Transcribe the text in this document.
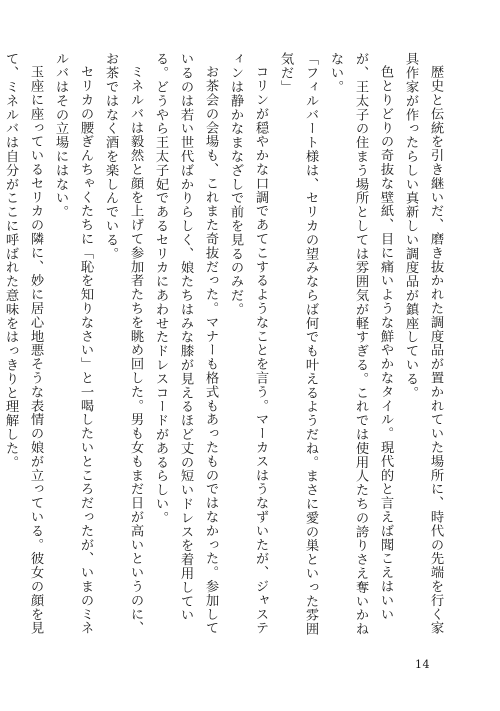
歴史と伝統を引き継いだ、磨き抜かれた調度品が置かれていた場所に、時代の先端を行く家具作家が作ったらしい真新しい調度品が鎮座している。

色とりどりの奇抜な壁紙、目に痛いような鮮やかなタイル。現代的と言えば聞こえはいいが、王太子の住まう場所としては雰囲気が軽すぎる。これでは使用人たちの誇りさえ奪いかねない。

「フィルバート様は、セリカの望みならば何でも叶えるようだね。まさに愛の巣といった雰囲気だ」

コリンが穏やかな口調であてこするようなことを言う。マーカスはうなずいたが、ジャスティンは静かなまなざしで前を見るのみだ。

お茶会の会場も、これまた奇抜だった。マナーも格式もあったものではなかった。参加しているのは若い世代ばかりらしく、娘たちはみな膝が見えるほど丈の短いドレスを着用している。どうやら王太子妃であるセリカにあわせたドレスコードがあるらしい。

ミネルバは毅然と顔を上げて参加者たちを眺め回した。男も女もまだ日が高いというのに、お茶ではなく酒を楽しんでいる。

セリカの腰ぎんちゃくたちに「恥を知りなさい」と一喝したいところだったが、いまのミネルバはその立場にはない。

玉座に座っているセリカの隣に、妙に居心地悪そうな表情の娘が立っている。彼女の顔を見て、ミネルバは自分がここに呼ばれた意味をはっきりと理解した。

14
